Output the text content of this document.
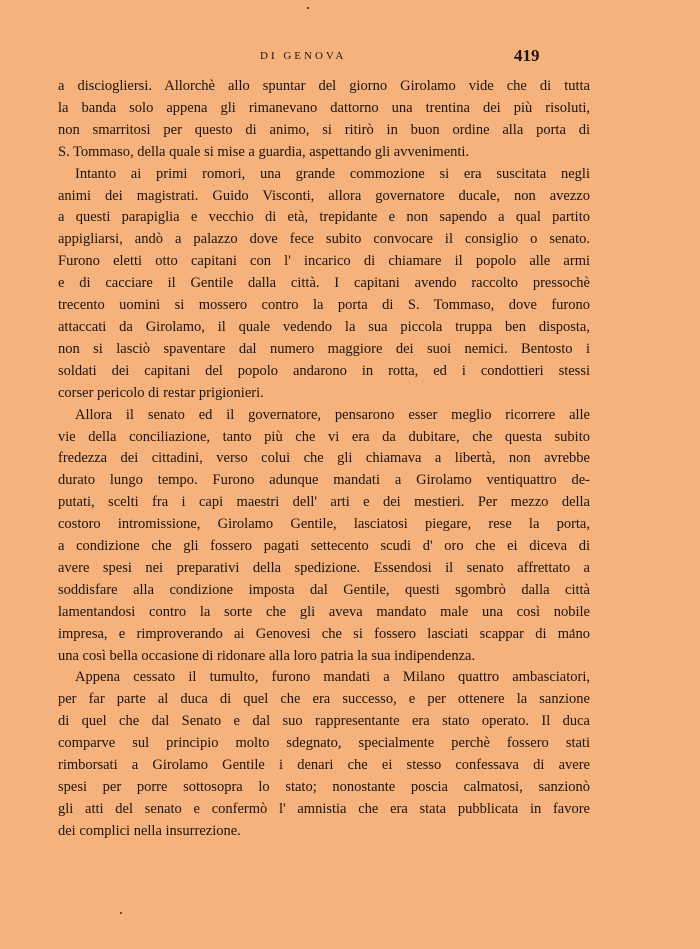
DI GENOVA	419
a disciogliersi. Allorchè allo spuntar del giorno Girolamo vide che di tutta
la banda solo appena gli rimanevano dattorno una trentina dei più risoluti,
non smarritosi per questo di animo, si ritirò in buon ordine alla porta di
S. Tommaso, della quale si mise a guardia, aspettando gli avvenimenti.
Intanto ai primi romori, una grande commozione si era suscitata negli
animi dei magistrati. Guido Visconti, allora governatore ducale, non avezzo
a questi parapiglia e vecchio di età, trepidante e non sapendo a qual partito
appigliarsi, andò a palazzo dove fece subito convocare il consiglio o senato.
Furono eletti otto capitani con l' incarico di chiamare il popolo alle armi
e di cacciare il Gentile dalla città. I capitani avendo raccolto pressochè
trecento uomini si mossero contro la porta di S. Tommaso, dove furono
attaccati da Girolamo, il quale vedendo la sua piccola truppa ben disposta,
non si lasciò spaventare dal numero maggiore dei suoi nemici. Bentosto i
soldati dei capitani del popolo andarono in rotta, ed i condottieri stessi
corser pericolo di restar prigionieri.
Allora il senato ed il governatore, pensarono esser meglio ricorrere alle
vie della conciliazione, tanto più che vi era da dubitare, che questa subito
fredezza dei cittadini, verso colui che gli chiamava a libertà, non avrebbe
durato lungo tempo. Furono adunque mandati a Girolamo ventiquattro de-
putati, scelti fra i capi maestri dell' arti e dei mestieri. Per mezzo della
costoro intromissione, Girolamo Gentile, lasciatosi piegare, rese la porta,
a condizione che gli fossero pagati settecento scudi d' oro che ei diceva di
avere spesi nei preparativi della spedizione. Essendosi il senato affrettato a
soddisfare alla condizione imposta dal Gentile, questi sgombrò dalla città
lamentandosi contro la sorte che gli aveva mandato male una così nobile
impresa, e rimproverando ai Genovesi che si fossero lasciati scappar di mano
una così bella occasione di ridonare alla loro patria la sua indipendenza.
Appena cessato il tumulto, furono mandati a Milano quattro ambasciatori,
per far parte al duca di quel che era successo, e per ottenere la sanzione
di quel che dal Senato e dal suo rappresentante era stato operato. Il duca
comparve sul principio molto sdegnato, specialmente perchè fossero stati
rimborsati a Girolamo Gentile i denari che ei stesso confessava di avere
spesi per porre sottosopra lo stato; nonostante poscia calmatosi, sanzionò
gli atti del senato e confermò l' amnistia che era stata pubblicata in favore
dei complici nella insurrezione.
